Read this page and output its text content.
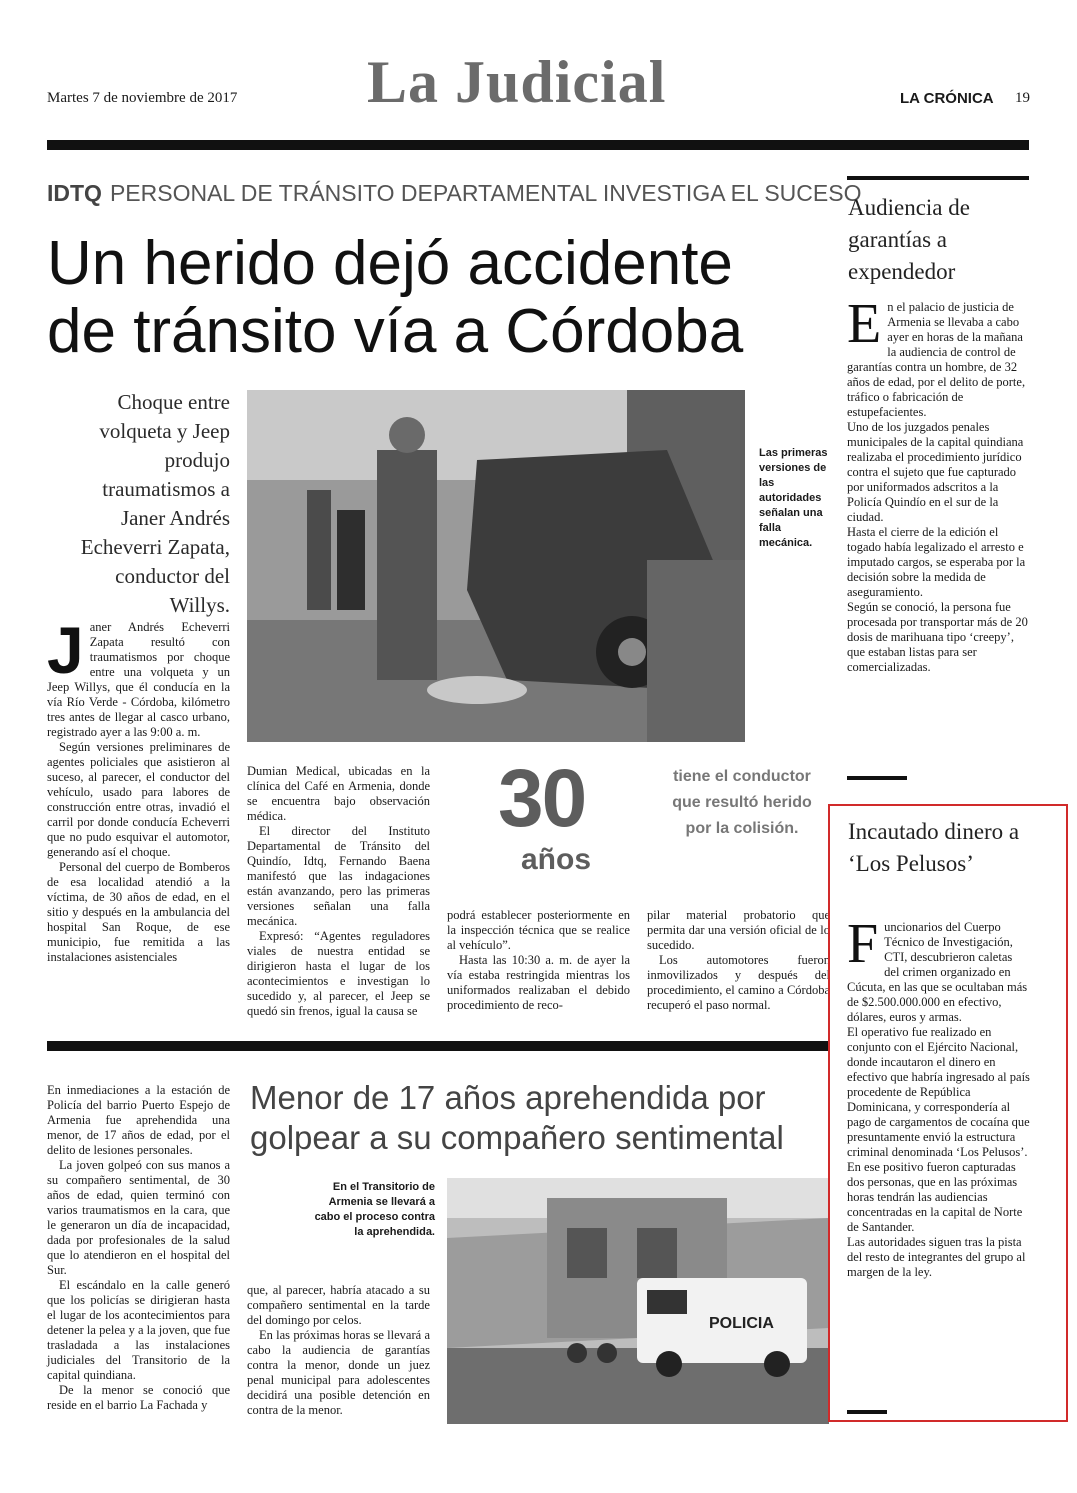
Martes 7 de noviembre de 2017 La Judicial	LA CRÓNICA 19
IDTQ PERSONAL DE TRÁNSITO DEPARTAMENTAL INVESTIGA EL SUCESO
Un herido dejó accidente
de tránsito vía a Córdoba
Choque entre volqueta y Jeep produjo traumatismos a Janer Andrés Echeverri Zapata, conductor del Willys.
Las primeras versiones de las autoridades señalan una falla mecánica.
J aner Andrés Echeverri Zapata resultó con traumatismos por choque entre una volqueta y un Jeep Willys, que él conducía en la vía Río Verde - Córdoba, kilómetro tres antes de llegar al casco urbano, registrado ayer a las 9:00 a. m.

Según versiones preliminares de agentes policiales que asistieron al suceso, al parecer, el conductor del vehículo, usado para labores de construcción entre otras, invadió el carril por donde conducía Echeverri que no pudo esquivar el automotor, generando así el choque.

Personal del cuerpo de Bomberos de esa localidad atendió a la víctima, de 30 años de edad, en el sitio y después en la ambulancia del hospital San Roque, de ese municipio, fue remitida a las instalaciones asistenciales

Dumian Medical, ubicadas en la clínica del Café en Armenia, donde se encuentra bajo observación médica.

El director del Instituto Departamental de Tránsito del Quindío, Idtq, Fernando Baena manifestó que las indagaciones están avanzando, pero las primeras versiones señalan una falla mecánica.

Expresó: “Agentes reguladores viales de nuestra entidad se dirigieron hasta el lugar de los acontecimientos e investigan lo sucedido y, al parecer, el Jeep se quedó sin frenos, igual la causa se

30
años
tiene el conductor que resultó herido por la colisión.

podrá establecer posteriormente en la inspección técnica que se realice al vehículo”.

Hasta las 10:30 a. m. de ayer la vía estaba restringida mientras los uniformados realizaban el debido procedimiento de reco-

pilar material probatorio que permita dar una versión oficial de lo sucedido.

Los automotores fueron inmovilizados y después del procedimiento, el camino a Córdoba recuperó el paso normal.

Menor de 17 años aprehendida por
golpear a su compañero sentimental

En inmediaciones a la estación de Policía del barrio Puerto Espejo de Armenia fue aprehendida una menor, de 17 años de edad, por el delito de lesiones personales.

La joven golpeó con sus manos a su compañero sentimental, de 30 años de edad, quien terminó con varios traumatismos en la cara, que le generaron un día de incapacidad, dada por profesionales de la salud que lo atendieron en el hospital del Sur.

El escándalo en la calle generó que los policías se dirigieran hasta el lugar de los acontecimientos para detener la pelea y a la joven, que fue trasladada a las instalaciones judiciales del Transitorio de la capital quindiana.

De la menor se conoció que reside en el barrio La Fachada y

En el Transitorio de Armenia se llevará a cabo el proceso contra la aprehendida.
POLICIA

que, al parecer, habría atacado a su compañero sentimental en la tarde del domingo por celos.

En las próximas horas se llevará a cabo la audiencia de garantías contra la menor, donde un juez penal municipal para adolescentes decidirá una posible detención en contra de la menor.

Audiencia de garantías a expendedor
E n el palacio de justicia de Armenia se llevaba a cabo ayer en horas de la mañana la audiencia de control de garantías contra un hombre, de 32 años de edad, por el delito de porte, tráfico o fabricación de estupefacientes.

Uno de los juzgados penales municipales de la capital quindiana realizaba el procedimiento jurídico contra el sujeto que fue capturado por uniformados adscritos a la Policía Quindío en el sur de la ciudad.

Hasta el cierre de la edición el togado había legalizado el arresto e imputado cargos, se esperaba por la decisión sobre la medida de aseguramiento.

Según se conoció, la persona fue procesada por transportar más de 20 dosis de marihuana tipo ‘creepy’, que estaban listas para ser comercializadas.

Incautado dinero a ‘Los Pelusos’
F uncionarios del Cuerpo Técnico de Investigación, CTI, descubrieron caletas del crimen organizado en Cúcuta, en las que se ocultaban más de $2.500.000.000 en efectivo, dólares, euros y armas.

El operativo fue realizado en conjunto con el Ejército Nacional, donde incautaron el dinero en efectivo que habría ingresado al país procedente de República Dominicana, y correspondería al pago de cargamentos de cocaína que presuntamente envió la estructura criminal denominada ‘Los Pelusos’.

En ese positivo fueron capturadas dos personas, que en las próximas horas tendrán las audiencias concentradas en la capital de Norte de Santander.

Las autoridades siguen tras la pista del resto de integrantes del grupo al margen de la ley.
